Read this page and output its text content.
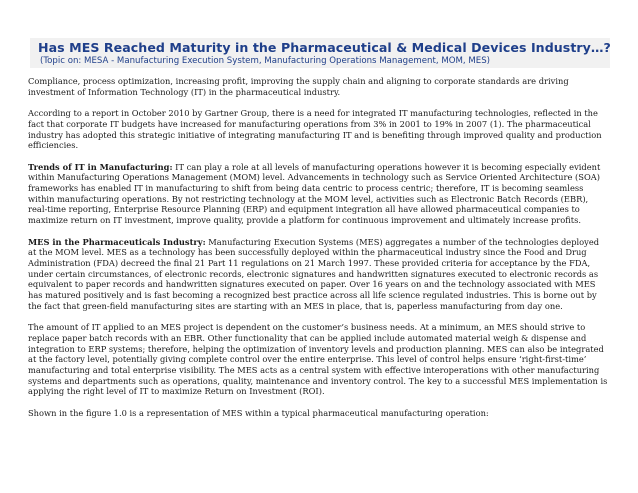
Has MES Reached Maturity in the Pharmaceutical & Medical Devices Industry…?
(Topic on: MESA - Manufacturing Execution System, Manufacturing Operations Management, MOM, MES)

Compliance, process optimization, increasing profit, improving the supply chain and aligning to corporate standards are driving investment of Information Technology (IT) in the pharmaceutical industry.

According to a report in October 2010 by Gartner Group, there is a need for integrated IT manufacturing technologies, reflected in the fact that corporate IT budgets have increased for manufacturing operations from 3% in 2001 to 19% in 2007 (1). The pharmaceutical industry has adopted this strategic initiative of integrating manufacturing IT and is benefiting through improved quality and production efficiencies.

Trends of IT in Manufacturing: IT can play a role at all levels of manufacturing operations however it is becoming especially evident within Manufacturing Operations Management (MOM) level. Advancements in technology such as Service Oriented Architecture (SOA) frameworks has enabled IT in manufacturing to shift from being data centric to process centric; therefore, IT is becoming seamless within manufacturing operations. By not restricting technology at the MOM level, activities such as Electronic Batch Records (EBR), real-time reporting, Enterprise Resource Planning (ERP) and equipment integration all have allowed pharmaceutical companies to maximize return on IT investment, improve quality, provide a platform for continuous improvement and ultimately increase profits.

MES in the Pharmaceuticals Industry: Manufacturing Execution Systems (MES) aggregates a number of the technologies deployed at the MOM level. MES as a technology has been successfully deployed within the pharmaceutical industry since the Food and Drug Administration (FDA) decreed the final 21 Part 11 regulations on 21 March 1997. These provided criteria for acceptance by the FDA, under certain circumstances, of electronic records, electronic signatures and handwritten signatures executed to electronic records as equivalent to paper records and handwritten signatures executed on paper. Over 16 years on and the technology associated with MES has matured positively and is fast becoming a recognized best practice across all life science regulated industries. This is borne out by the fact that green-field manufacturing sites are starting with an MES in place, that is, paperless manufacturing from day one.

The amount of IT applied to an MES project is dependent on the customer’s business needs. At a minimum, an MES should strive to replace paper batch records with an EBR. Other functionality that can be applied include automated material weigh & dispense and integration to ERP systems; therefore, helping the optimization of inventory levels and production planning. MES can also be integrated at the factory level, potentially giving complete control over the entire enterprise. This level of control helps ensure ‘right-first-time’ manufacturing and total enterprise visibility. The MES acts as a central system with effective interoperations with other manufacturing systems and departments such as operations, quality, maintenance and inventory control. The key to a successful MES implementation is applying the right level of IT to maximize Return on Investment (ROI).

Shown in the figure 1.0 is a representation of MES within a typical pharmaceutical manufacturing operation:
